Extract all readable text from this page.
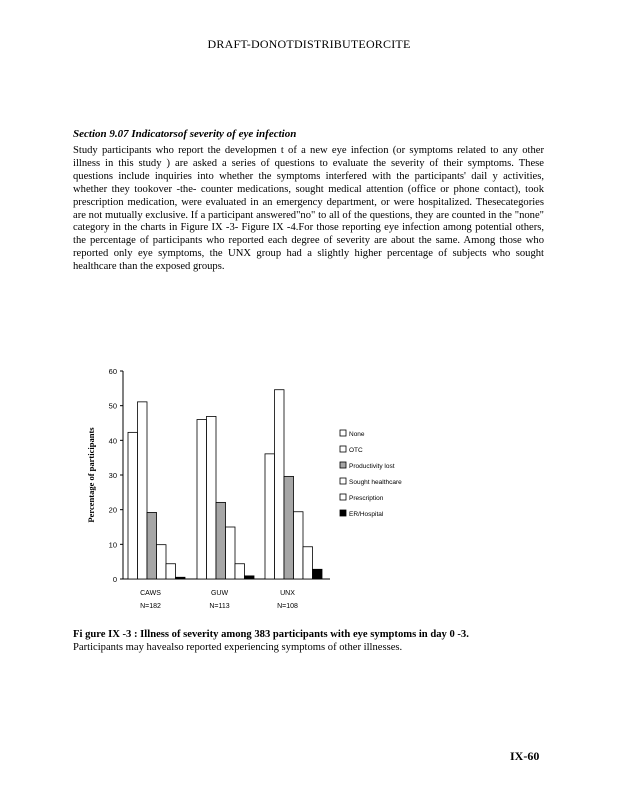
DRAFT-DONOTDISTRIBUTEORCITE
Section 9.07 Indicatorsof severity of eye infection
Study participants who report the developmen t of a new eye infection (or symptoms related to any other illness in this study ) are asked a series of questions to evaluate the severity of their symptoms. These questions include inquiries into whether the symptoms interfered with the participants' dail y activities, whether they tookover -the- counter medications, sought medical attention (office or phone contact), took prescription medication, were evaluated in an emergency department, or were hospitalized. Thesecategories are not mutually exclusive. If a participant answered"no" to all of the questions, they are counted in the "none" category in the charts in Figure IX -3- Figure IX -4.For those reporting eye infection among potential others, the percentage of participants who reported each degree of severity are about the same. Among those who reported only eye symptoms, the UNX group had a slightly higher percentage of subjects who sought healthcare than the exposed groups.
0
10
20
30
40
50
60
Percentage of participants
CAWS
N=182
GUW
N=113
UNX
N=108
None
OTC
Productivity lost
Sought healthcare
Prescription
ER/Hospital
Fi gure IX -3 : Illness of severity among 383 participants with eye symptoms in day 0 -3.
Participants may havealso reported experiencing symptoms of other illnesses.
IX-60
